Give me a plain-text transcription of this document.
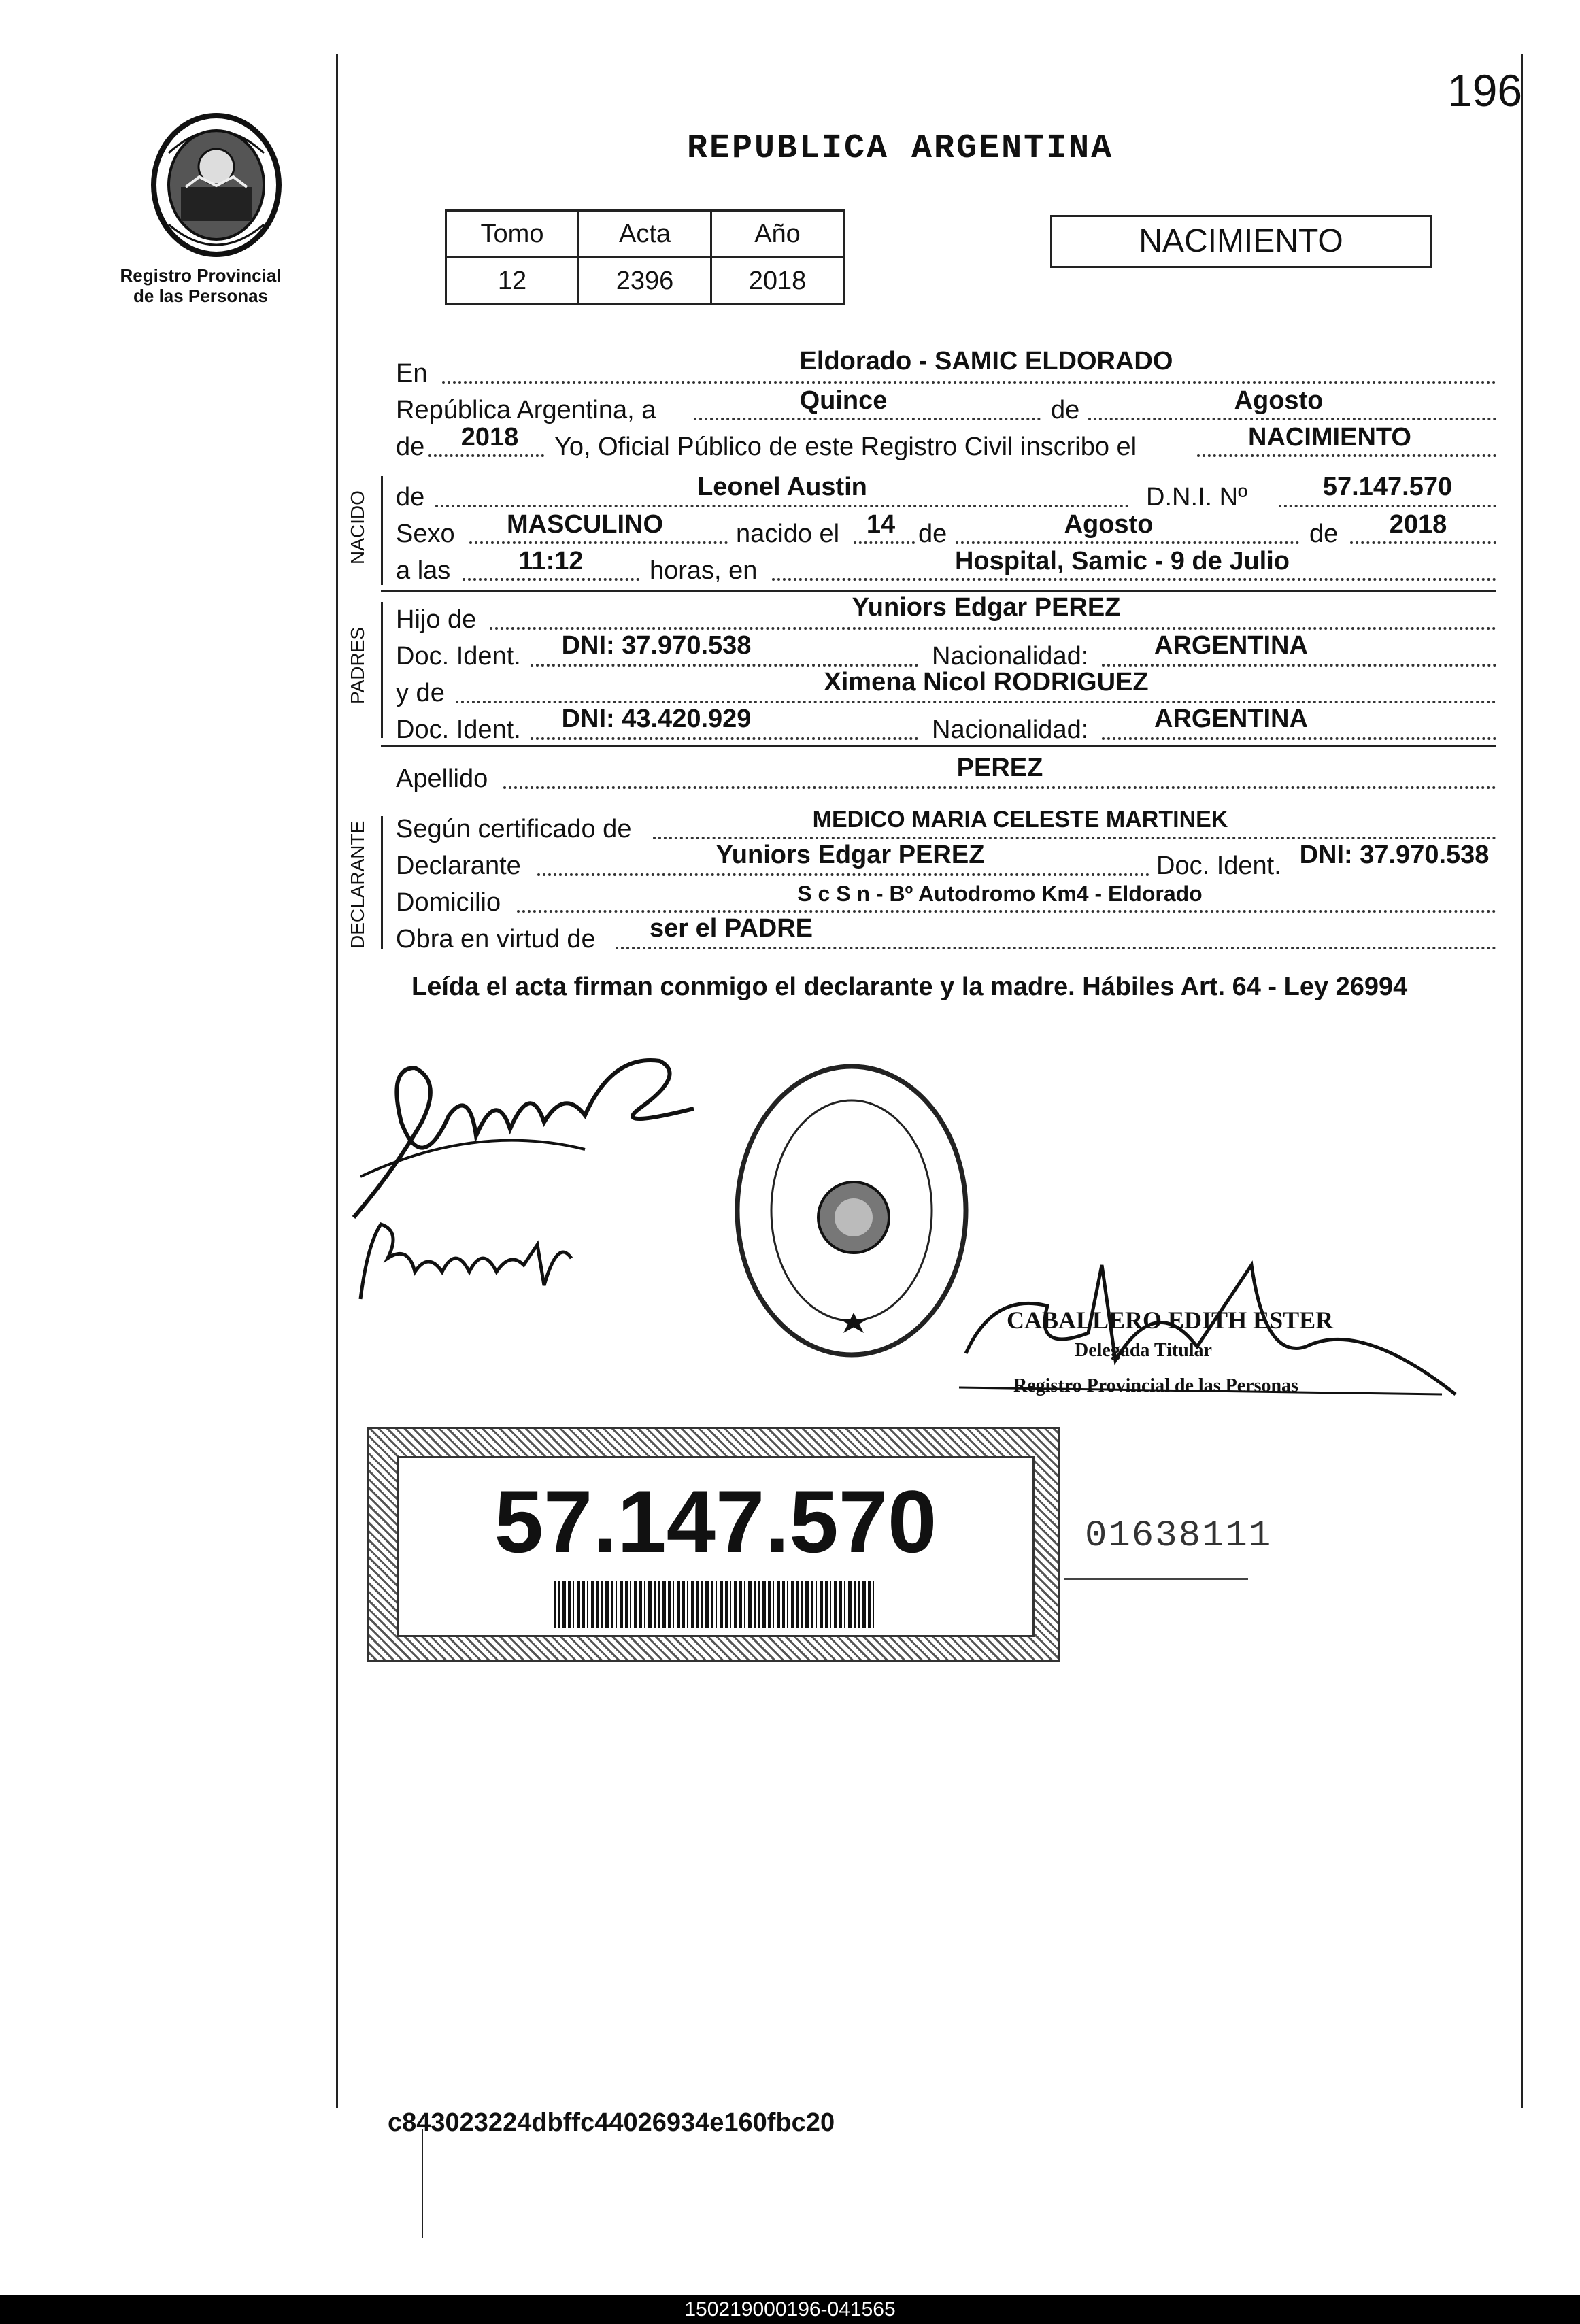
196
Registro Provincial
de las Personas
REPUBLICA ARGENTINA
Tomo	Acta	Año
12	2396	2018
NACIMIENTO
En	Eldorado - SAMIC ELDORADO
República Argentina, a	Quince	de	Agosto
de	2018	Yo, Oficial Público de este Registro Civil inscribo el	NACIMIENTO
NACIDO de	Leonel Austin	D.N.I. Nº	57.147.570
Sexo	MASCULINO	nacido el	14 de	Agosto	de	2018
a las	11:12	horas, en	Hospital, Samic - 9 de Julio
PADRES
Hijo de	Yuniors Edgar PEREZ
Doc. Ident.	DNI: 37.970.538	Nacionalidad:	ARGENTINA
y de	Ximena Nicol RODRIGUEZ
Doc. Ident.	DNI: 43.420.929	Nacionalidad:	ARGENTINA
Apellido	PEREZ
DECLARANTE Según certificado de	MEDICO MARIA CELESTE MARTINEK
Declarante	Yuniors Edgar PEREZ	Doc. Ident. DNI: 37.970.538
Domicilio	S c S n - Bº Autodromo Km4 - Eldorado
Obra en virtud de	ser el PADRE
Leída el acta firman conmigo el declarante y la madre. Hábiles Art. 64 - Ley 26994
CABALLERO EDITH ESTER
Delegada Titular
Registro Provincial de las Personas
57.147.570	01638111
c843023224dbffc44026934e160fbc20
150219000196-041565
